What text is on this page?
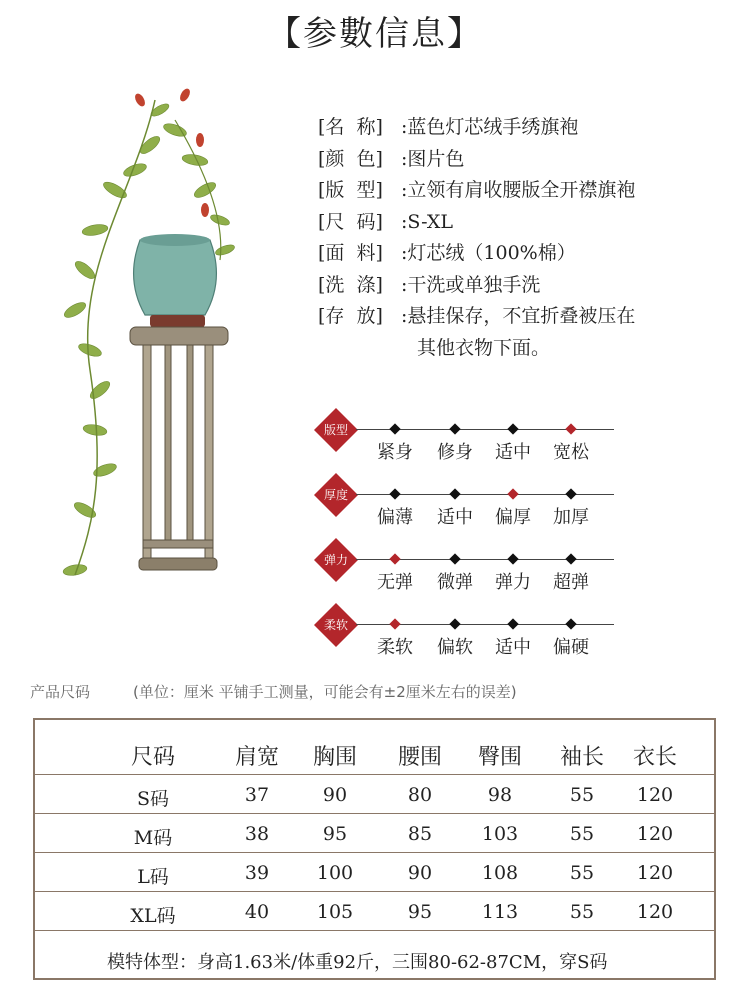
【参數信息】
[名  称] :蓝色灯芯绒手绣旗袍
[颜  色] :图片色
[版  型] :立领有肩收腰版全开襟旗袍
[尺  码] :S-XL
[面  料] :灯芯绒（100%棉）
[洗  涤] :干洗或单独手洗
[存  放] :悬挂保存，不宜折叠被压在
其他衣物下面。
版型
紧身	修身	适中	宽松
厚度
偏薄	适中	偏厚	加厚
弹力
无弹	微弹	弹力	超弹
柔软
柔软	偏软	适中	偏硬
产品尺码	(单位：厘米 平铺手工测量，可能会有±2厘米左右的误差)
尺码	肩宽	胸围	腰围	臀围	袖长	衣长
S码	37	90	80	98	55	120
M码	38	95	85	103	55	120
L码	39	100	90	108	55	120
XL码	40	105	95	113	55	120
模特体型：身高1.63米/体重92斤，三围80-62-87CM，穿S码
